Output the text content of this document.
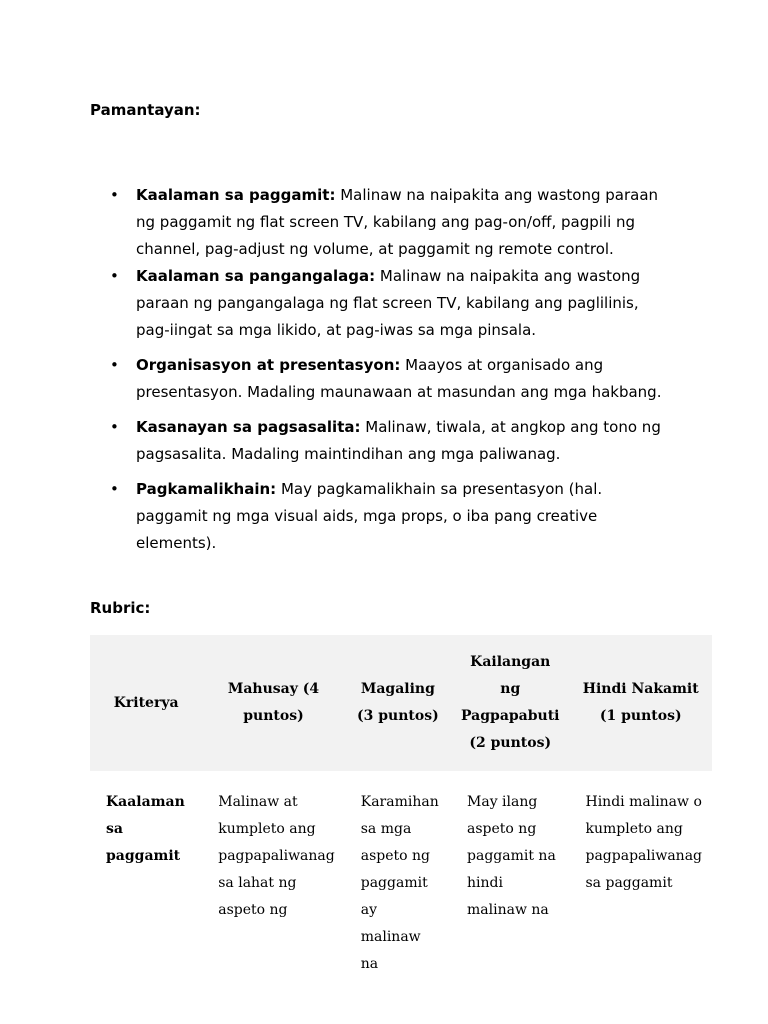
Pamantayan:
•	Kaalaman sa paggamit: Malinaw na naipakita ang wastong paraan ng paggamit ng flat screen TV, kabilang ang pag-on/off, pagpili ng channel, pag-adjust ng volume, at paggamit ng remote control.
•	Kaalaman sa pangangalaga: Malinaw na naipakita ang wastong paraan ng pangangalaga ng flat screen TV, kabilang ang paglilinis, pag-iingat sa mga likido, at pag-iwas sa mga pinsala.
•	Organisasyon at presentasyon: Maayos at organisado ang presentasyon. Madaling maunawaan at masundan ang mga hakbang.
•	Kasanayan sa pagsasalita: Malinaw, tiwala, at angkop ang tono ng pagsasalita. Madaling maintindihan ang mga paliwanag.
•	Pagkamalikhain: May pagkamalikhain sa presentasyon (hal. paggamit ng mga visual aids, mga props, o iba pang creative elements).
Rubric:
Kriterya	Mahusay (4 puntos)	Magaling (3 puntos)	Kailangan ng Pagpapabuti (2 puntos)	Hindi Nakamit (1 puntos)
Kaalaman sa paggamit	Malinaw at kumpleto ang pagpapaliwanag sa lahat ng aspeto ng	Karamihan sa mga aspeto ng paggamit ay malinaw na	May ilang aspeto ng paggamit na hindi malinaw na	Hindi malinaw o kumpleto ang pagpapaliwanag sa paggamit
